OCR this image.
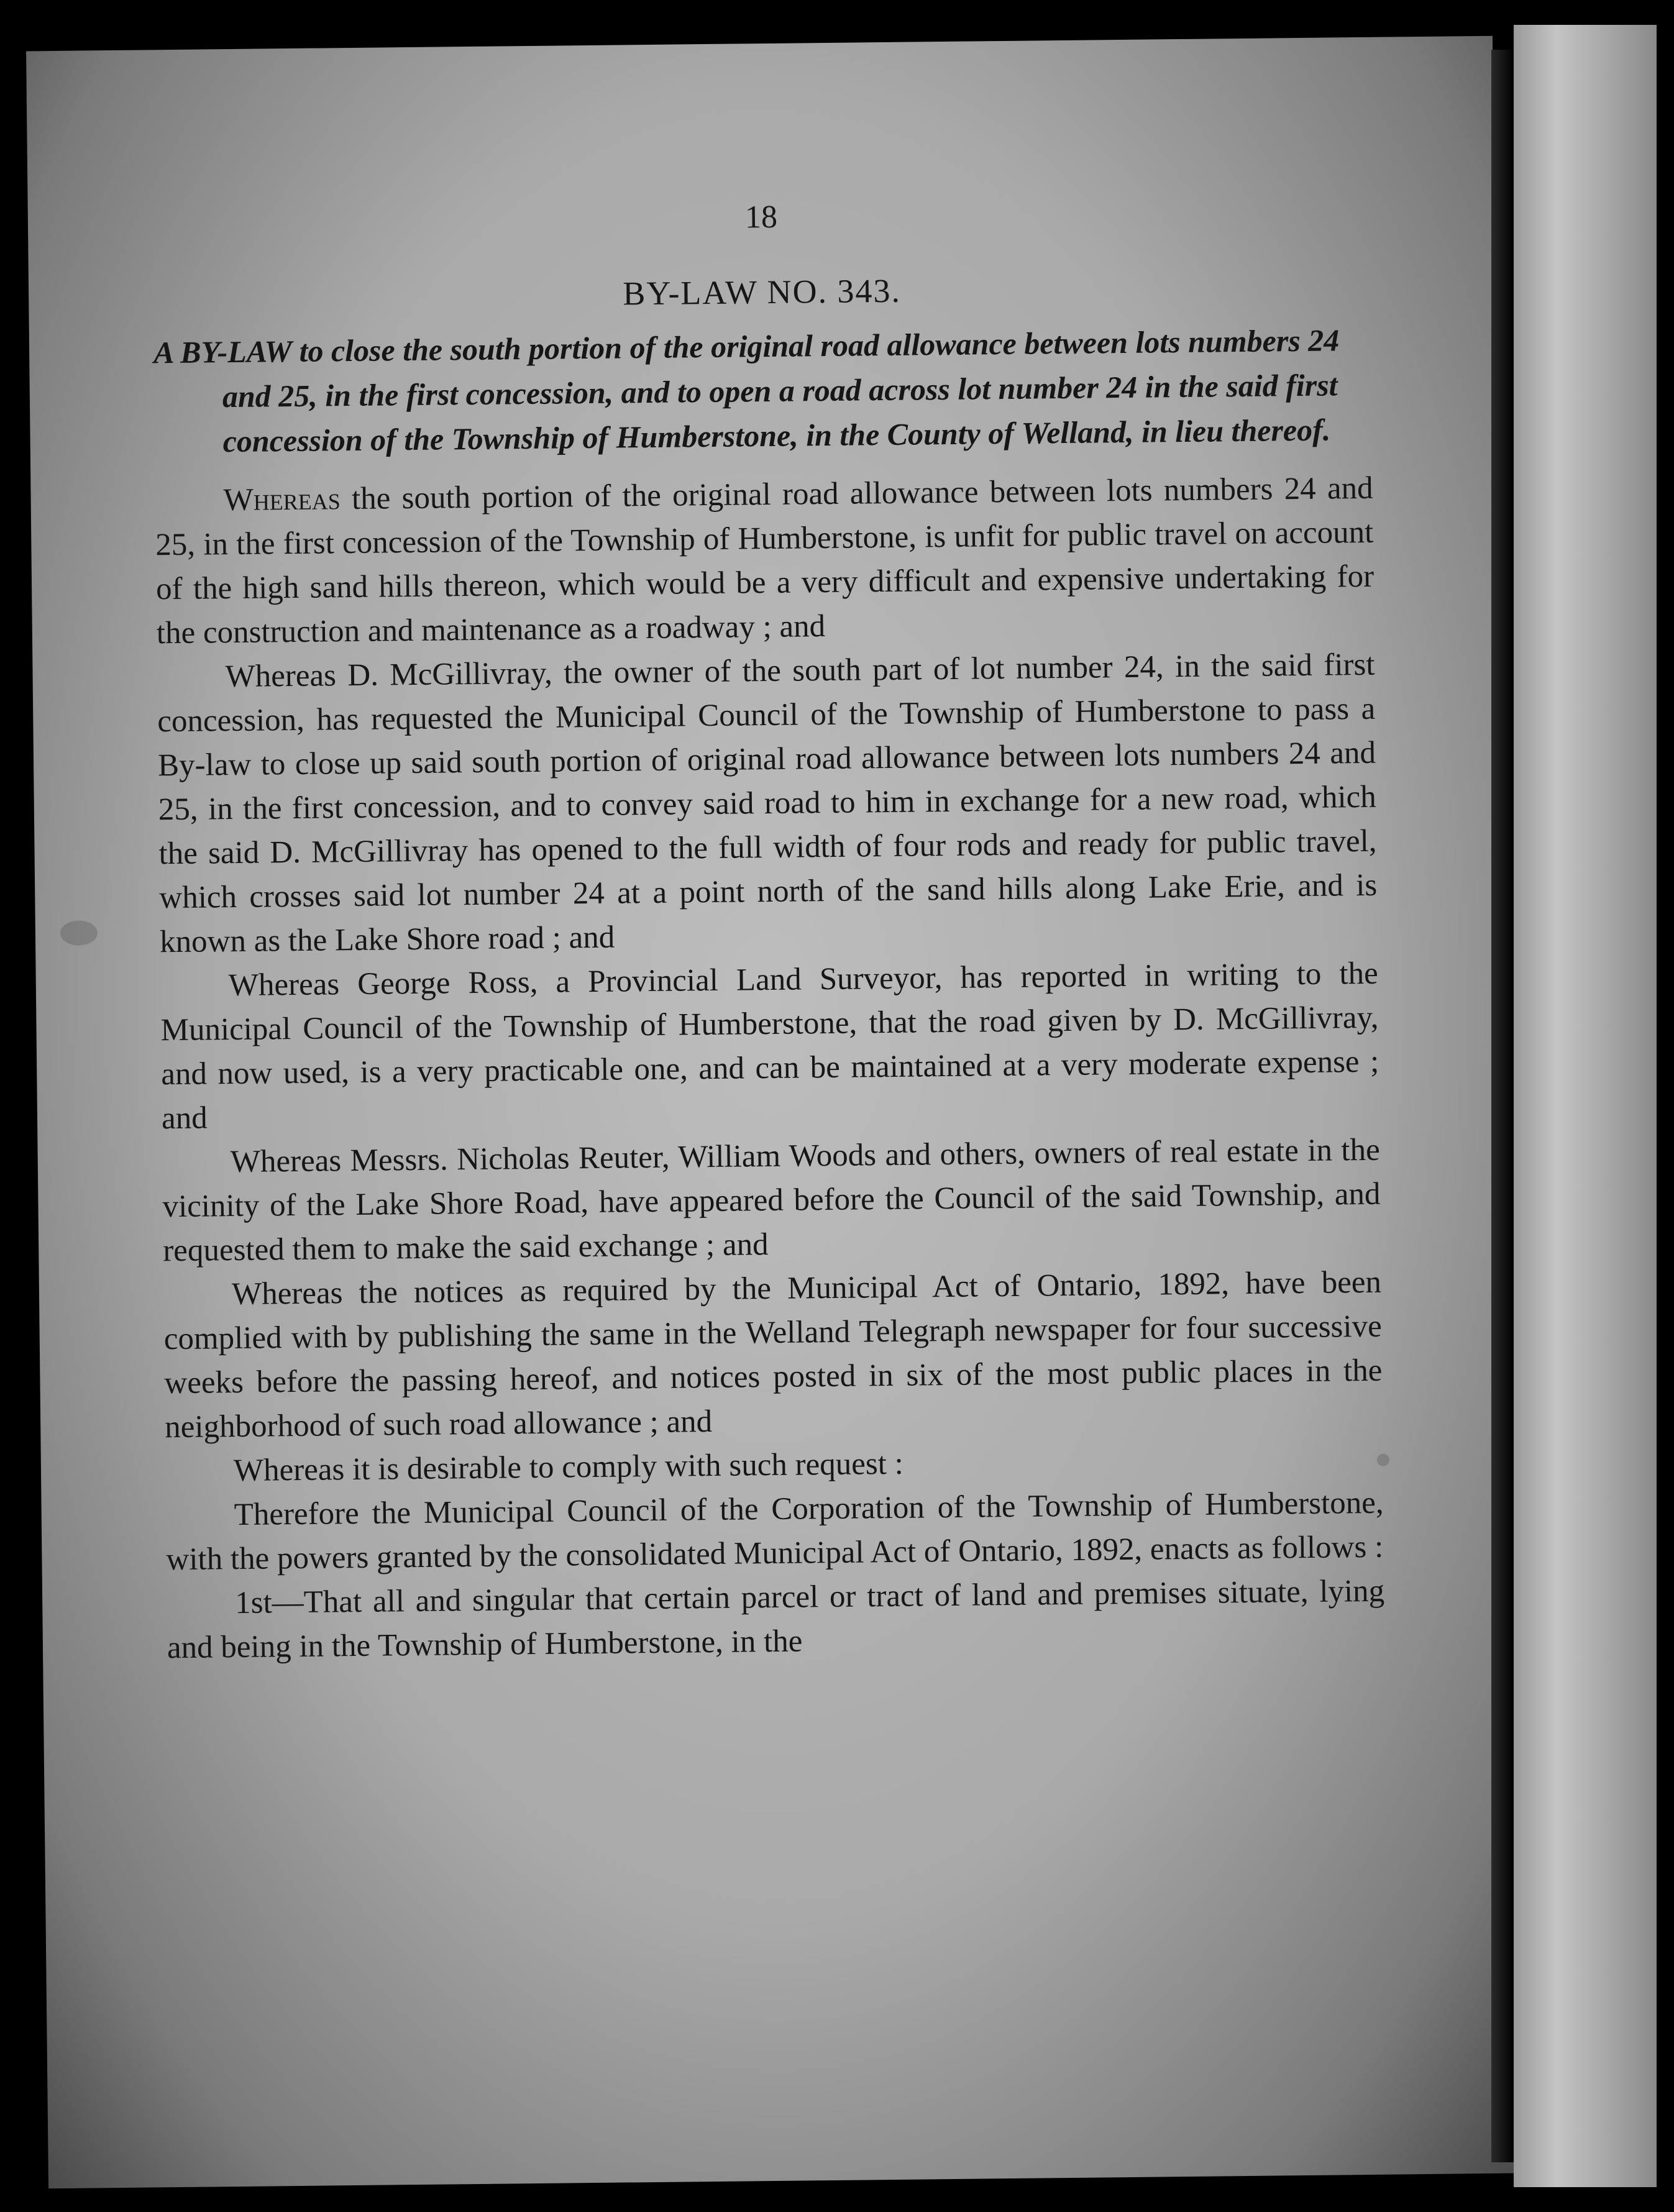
18

BY-LAW NO. 343.

A BY-LAW to close the south portion of the original road allowance between lots numbers 24 and 25, in the first concession, and to open a road across lot number 24 in the said first concession of the Township of Humberstone, in the County of Welland, in lieu thereof.

Whereas the south portion of the original road allowance between lots numbers 24 and 25, in the first concession of the Township of Humberstone, is unfit for public travel on account of the high sand hills thereon, which would be a very difficult and expensive undertaking for the construction and maintenance as a roadway ; and

Whereas D. McGillivray, the owner of the south part of lot number 24, in the said first concession, has requested the Municipal Council of the Township of Humberstone to pass a By-law to close up said south portion of original road allowance between lots numbers 24 and 25, in the first concession, and to convey said road to him in exchange for a new road, which the said D. McGillivray has opened to the full width of four rods and ready for public travel, which crosses said lot number 24 at a point north of the sand hills along Lake Erie, and is known as the Lake Shore road ; and

Whereas George Ross, a Provincial Land Surveyor, has reported in writing to the Municipal Council of the Township of Humberstone, that the road given by D. McGillivray, and now used, is a very practicable one, and can be maintained at a very moderate expense ; and

Whereas Messrs. Nicholas Reuter, William Woods and others, owners of real estate in the vicinity of the Lake Shore Road, have appeared before the Council of the said Township, and requested them to make the said exchange ; and

Whereas the notices as required by the Municipal Act of Ontario, 1892, have been complied with by publishing the same in the Welland Telegraph newspaper for four successive weeks before the passing hereof, and notices posted in six of the most public places in the neighborhood of such road allowance ; and

Whereas it is desirable to comply with such request :

Therefore the Municipal Council of the Corporation of the Township of Humberstone, with the powers granted by the consolidated Municipal Act of Ontario, 1892, enacts as follows :

1st—That all and singular that certain parcel or tract of land and premises situate, lying and being in the Township of Humberstone, in the
